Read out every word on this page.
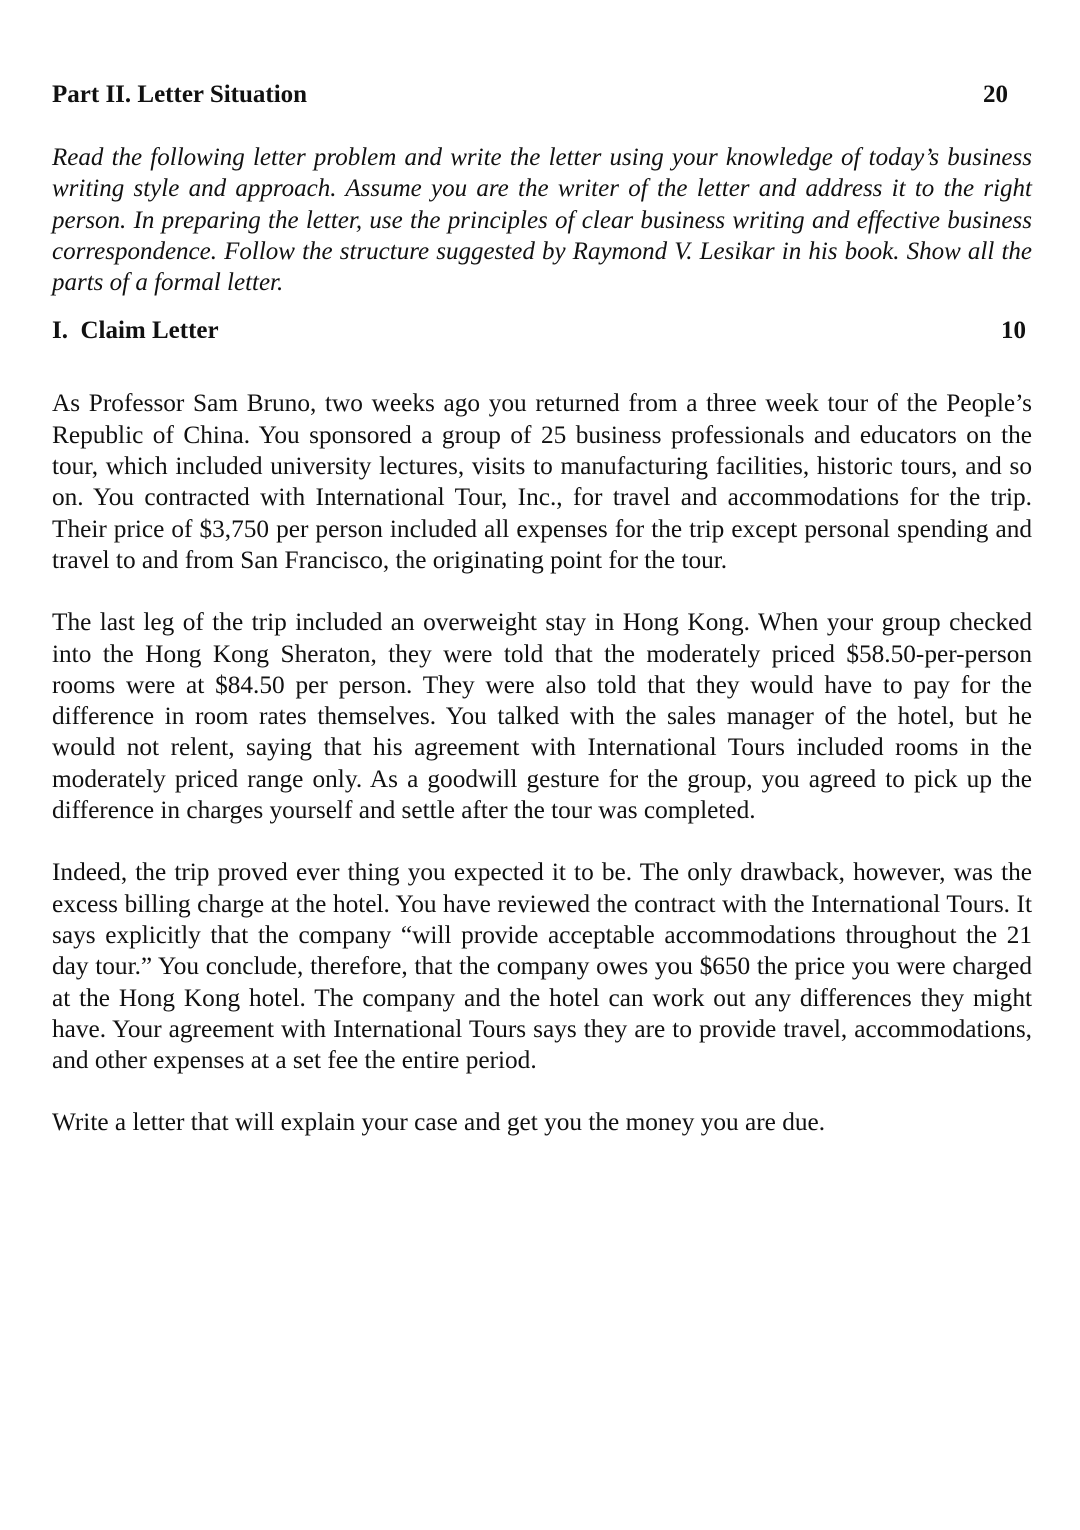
Part II. Letter Situation	20

Read the following letter problem and write the letter using your knowledge of today’s business writing style and approach. Assume you are the writer of the letter and address it to the right person. In preparing the letter, use the principles of clear business writing and effective business correspondence. Follow the structure suggested by Raymond V. Lesikar in his book. Show all the parts of a formal letter.

I.  Claim Letter	10

As Professor Sam Bruno, two weeks ago you returned from a three week tour of the People’s Republic of China. You sponsored a group of 25 business professionals and educators on the tour, which included university lectures, visits to manufacturing facilities, historic tours, and so on. You contracted with International Tour, Inc., for travel and accommodations for the trip. Their price of $3,750 per person included all expenses for the trip except personal spending and travel to and from San Francisco, the originating point for the tour.

The last leg of the trip included an overweight stay in Hong Kong. When your group checked into the Hong Kong Sheraton, they were told that the moderately priced $58.50-per-person rooms were at $84.50 per person. They were also told that they would have to pay for the difference in room rates themselves. You talked with the sales manager of the hotel, but he would not relent, saying that his agreement with International Tours included rooms in the moderately priced range only. As a goodwill gesture for the group, you agreed to pick up the difference in charges yourself and settle after the tour was completed.

Indeed, the trip proved ever thing you expected it to be. The only drawback, however, was the excess billing charge at the hotel. You have reviewed the contract with the International Tours. It says explicitly that the company “will provide acceptable accommodations throughout the 21 day tour.” You conclude, therefore, that the company owes you $650 the price you were charged at the Hong Kong hotel. The company and the hotel can work out any differences they might have. Your agreement with International Tours says they are to provide travel, accommodations, and other expenses at a set fee the entire period.

Write a letter that will explain your case and get you the money you are due.
